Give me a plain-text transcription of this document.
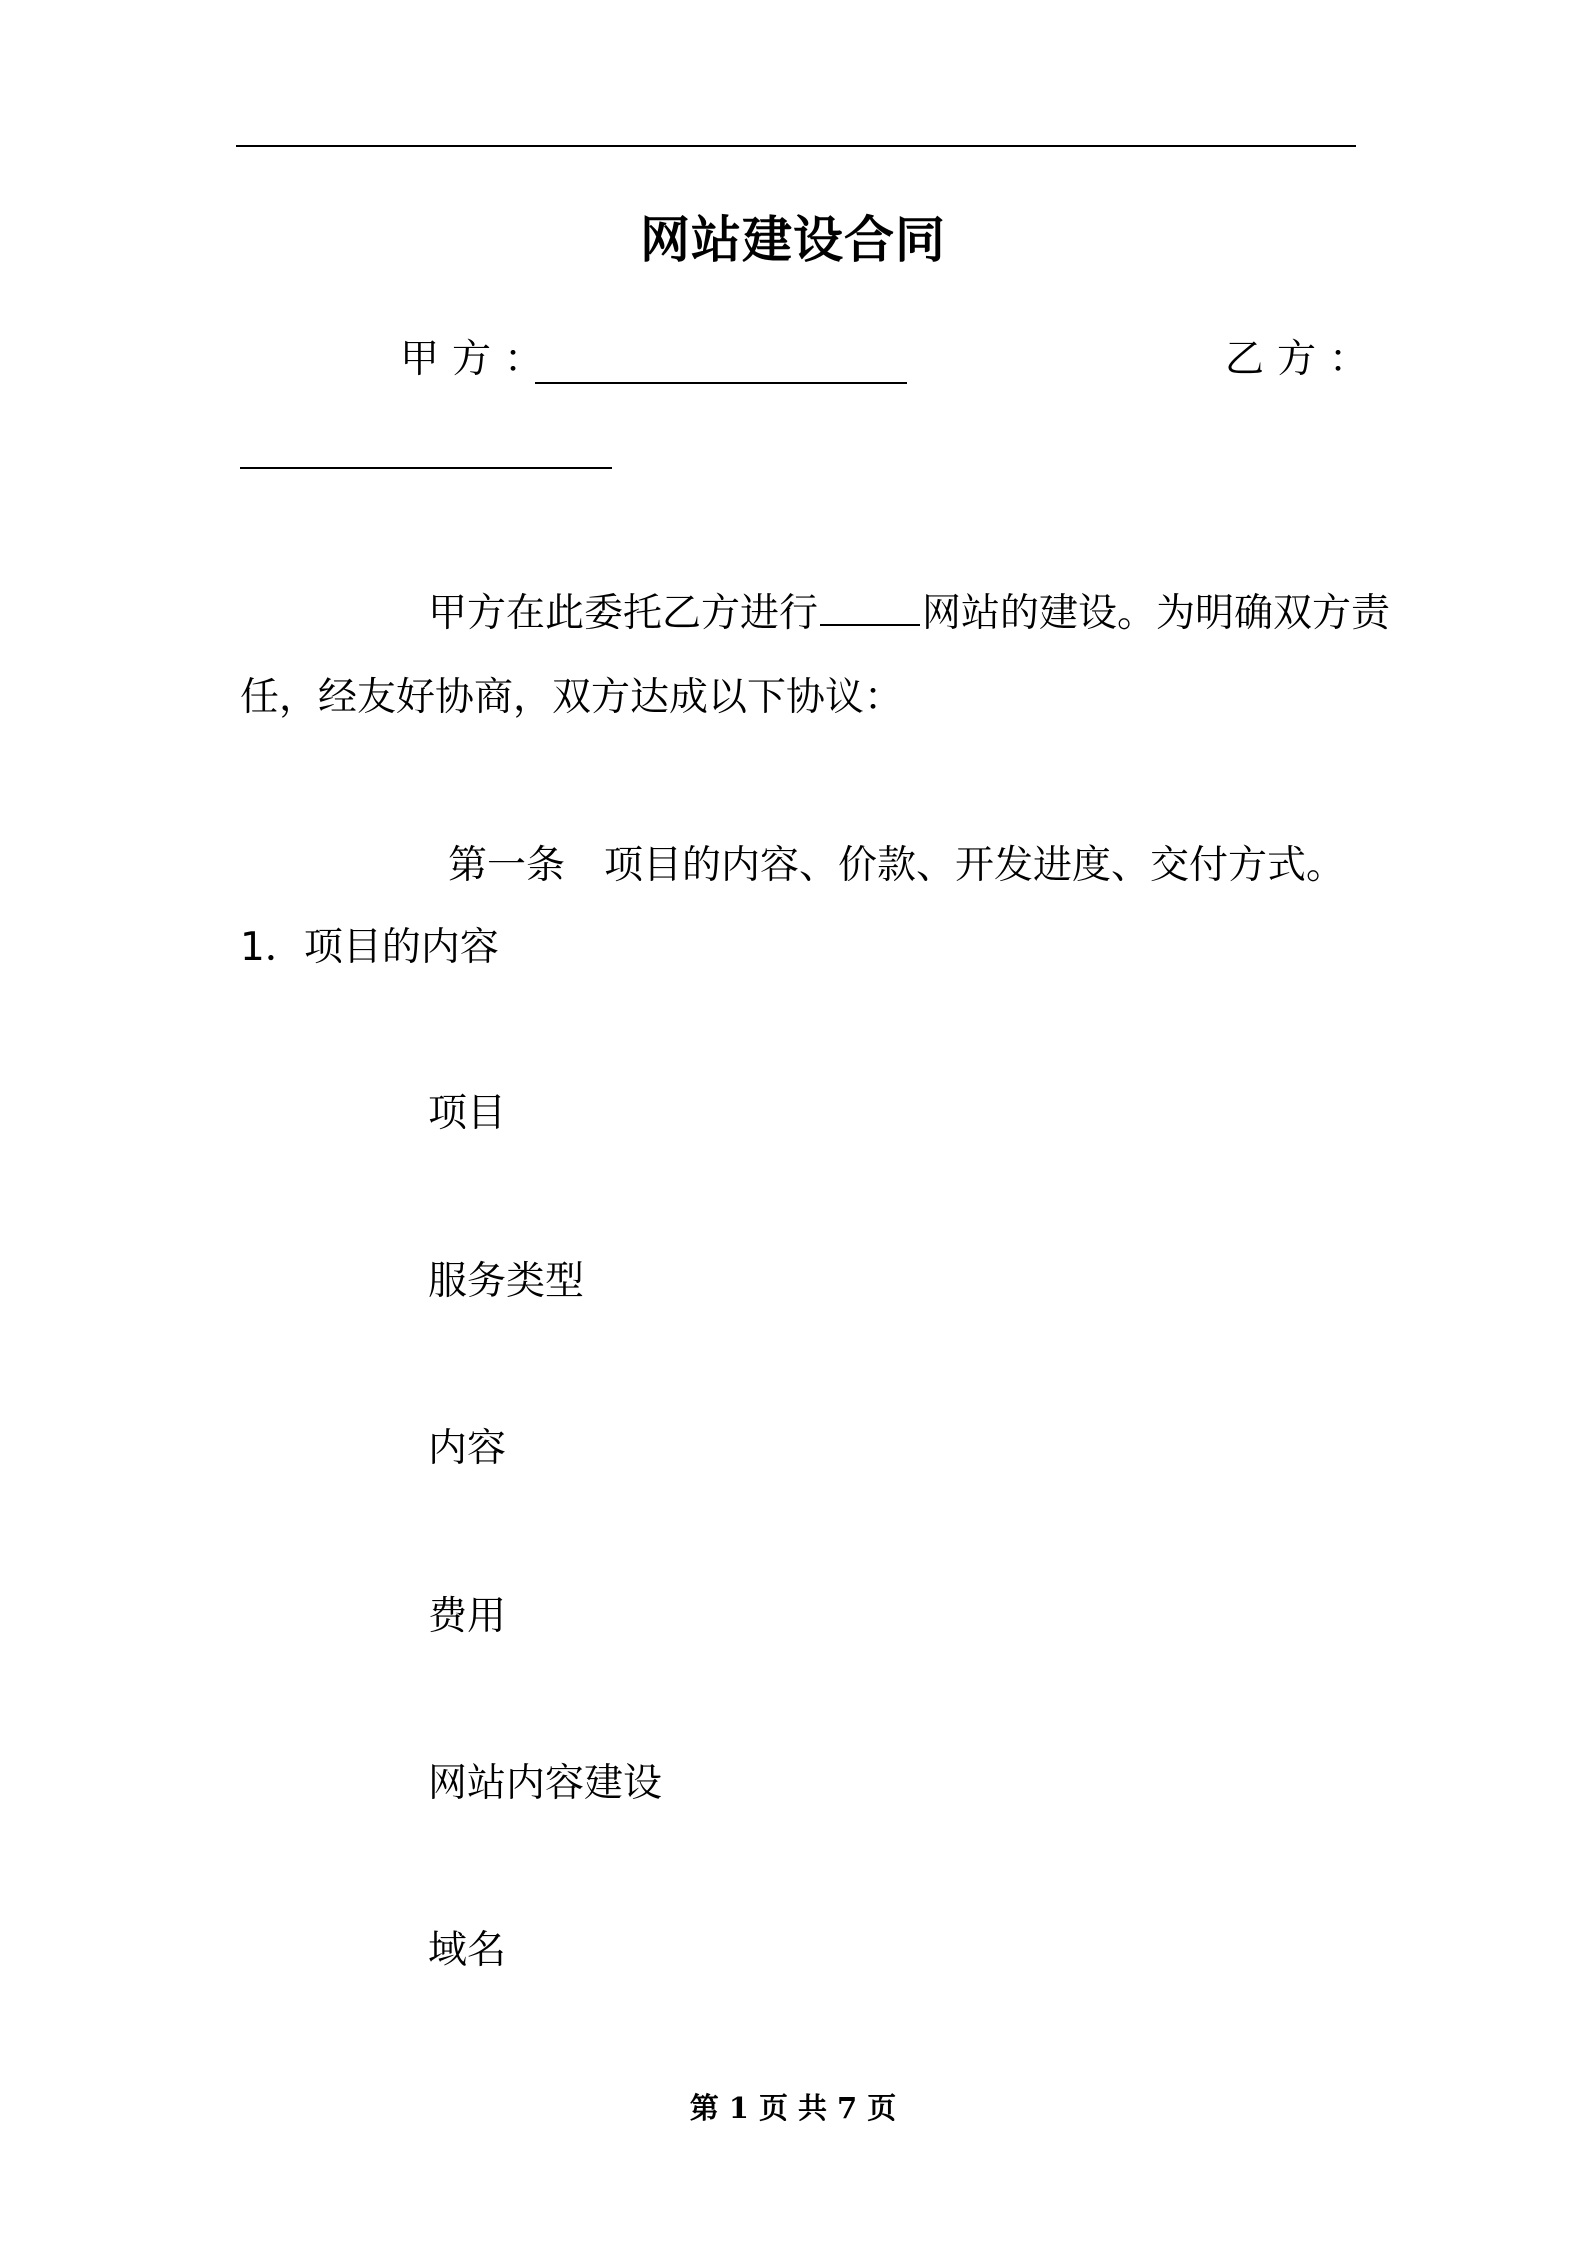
网站建设合同
甲方：	乙方：
甲方在此委托乙方进行	网站的建设。为明确双方责
任，经友好协商，双方达成以下协议：
第一条　项目的内容、价款、开发进度、交付方式。
1．项目的内容
项目
服务类型
内容
费用
网站内容建设
域名
第 1 页 共 7 页
